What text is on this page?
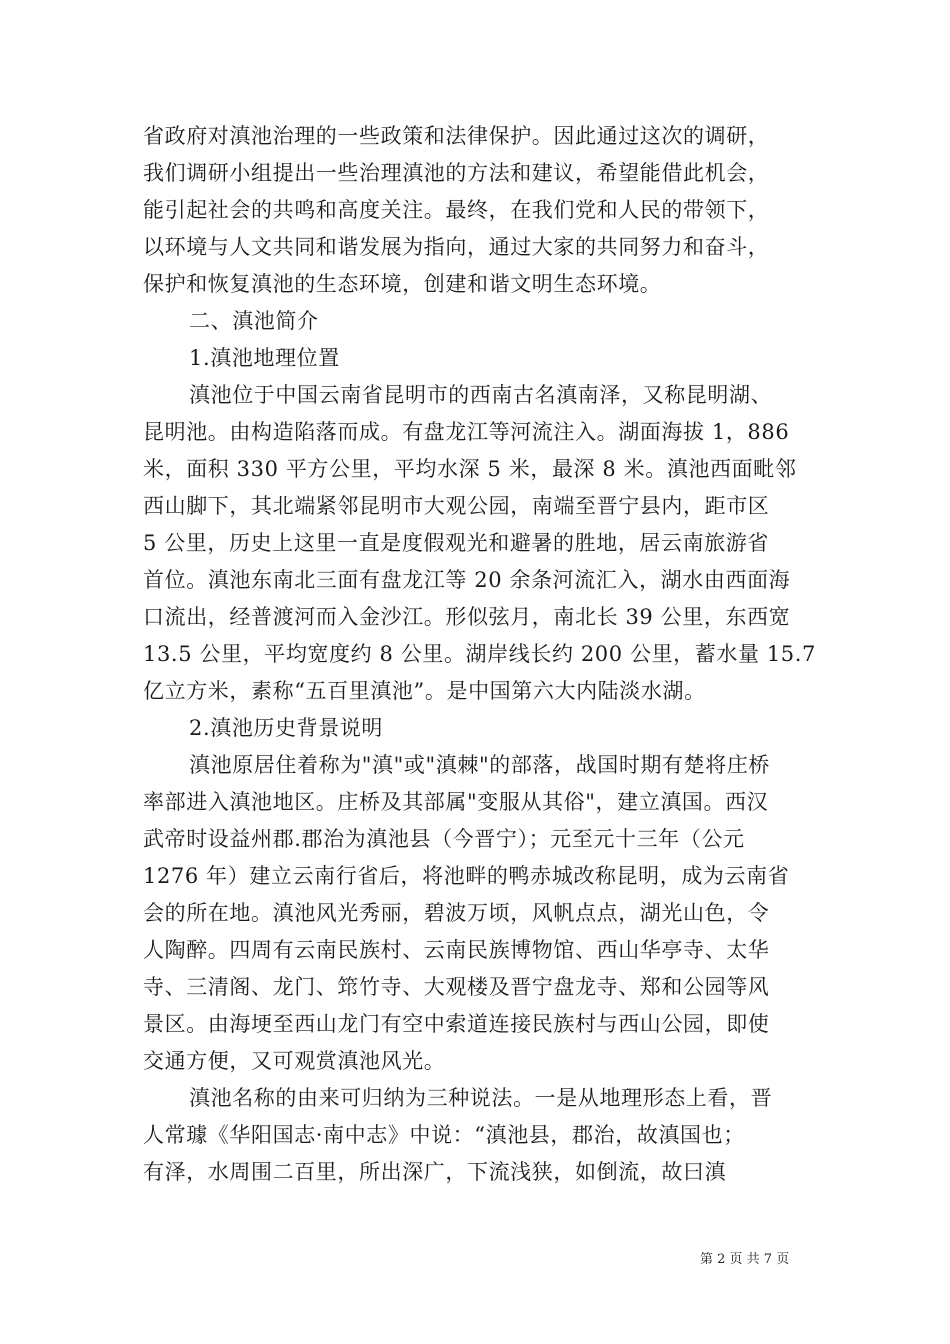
省政府对滇池治理的一些政策和法律保护。因此通过这次的调研，
我们调研小组提出一些治理滇池的方法和建议，希望能借此机会，
能引起社会的共鸣和高度关注。最终，在我们党和人民的带领下，
以环境与人文共同和谐发展为指向，通过大家的共同努力和奋斗，
保护和恢复滇池的生态环境，创建和谐文明生态环境。
二、滇池简介
1.滇池地理位置
滇池位于中国云南省昆明市的西南古名滇南泽，又称昆明湖、
昆明池。由构造陷落而成。有盘龙江等河流注入。湖面海拔 1，886
米，面积 330 平方公里，平均水深 5 米，最深 8 米。滇池西面毗邻
西山脚下，其北端紧邻昆明市大观公园，南端至晋宁县内，距市区
5 公里，历史上这里一直是度假观光和避暑的胜地，居云南旅游省
首位。滇池东南北三面有盘龙江等 20 余条河流汇入，湖水由西面海
口流出，经普渡河而入金沙江。形似弦月，南北长 39 公里，东西宽
13.5 公里，平均宽度约 8 公里。湖岸线长约 200 公里，蓄水量 15.7
亿立方米，素称“五百里滇池”。是中国第六大内陆淡水湖。
2.滇池历史背景说明
滇池原居住着称为"滇"或"滇棘"的部落，战国时期有楚将庄桥
率部进入滇池地区。庄桥及其部属"变服从其俗"，建立滇国。西汉
武帝时设益州郡.郡治为滇池县（今晋宁）；元至元十三年（公元
1276 年）建立云南行省后，将池畔的鸭赤城改称昆明，成为云南省
会的所在地。滇池风光秀丽，碧波万顷，风帆点点，湖光山色，令
人陶醉。四周有云南民族村、云南民族博物馆、西山华亭寺、太华
寺、三清阁、龙门、筇竹寺、大观楼及晋宁盘龙寺、郑和公园等风
景区。由海埂至西山龙门有空中索道连接民族村与西山公园，即使
交通方便，又可观赏滇池风光。
滇池名称的由来可归纳为三种说法。一是从地理形态上看，晋
人常璩《华阳国志·南中志》中说：“滇池县，郡治，故滇国也；
有泽，水周围二百里，所出深广，下流浅狭，如倒流，故曰滇
第 2 页 共 7 页
